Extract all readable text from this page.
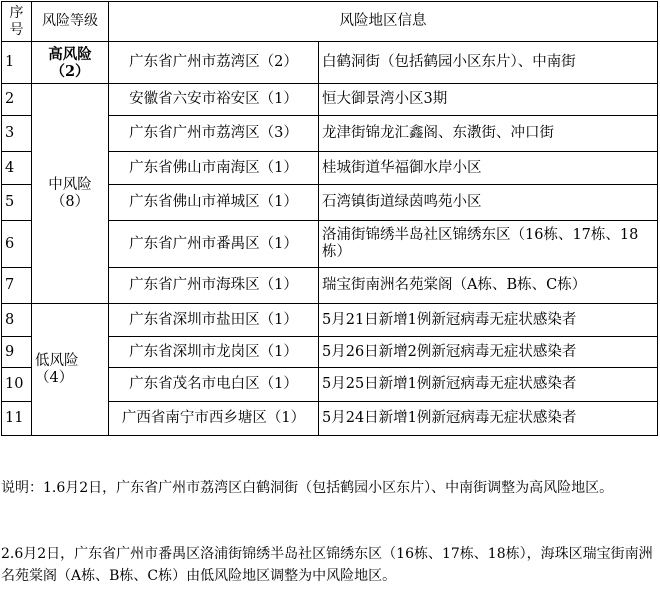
序号	风险等级	风险地区信息	
1	高风险（2）	广东省广州市荔湾区（2）	白鹤洞街（包括鹤园小区东片）、中南街
2	中风险（8）	安徽省六安市裕安区（1）	恒大御景湾小区3期
3		广东省广州市荔湾区（3）	龙津街锦龙汇鑫阁、东漖街、冲口街
4		广东省佛山市南海区（1）	桂城街道华福御水岸小区
5		广东省佛山市禅城区（1）	石湾镇街道绿茵鸣苑小区
6		广东省广州市番禺区（1）	洛浦街锦绣半岛社区锦绣东区（16栋、17栋、18栋）
7		广东省广州市海珠区（1）	瑞宝街南洲名苑棠阁（A栋、B栋、C栋）
8	低风险（4）	广东省深圳市盐田区（1）	5月21日新增1例新冠病毒无症状感染者
9		广东省深圳市龙岗区（1）	5月26日新增2例新冠病毒无症状感染者
10		广东省茂名市电白区（1）	5月25日新增1例新冠病毒无症状感染者
11		广西省南宁市西乡塘区（1）	5月24日新增1例新冠病毒无症状感染者

说明：1.6月2日，广东省广州市荔湾区白鹤洞街（包括鹤园小区东片）、中南街调整为高风险地区。

2.6月2日，广东省广州市番禺区洛浦街锦绣半岛社区锦绣东区（16栋、17栋、18栋），海珠区瑞宝街南洲名苑棠阁（A栋、B栋、C栋）由低风险地区调整为中风险地区。
